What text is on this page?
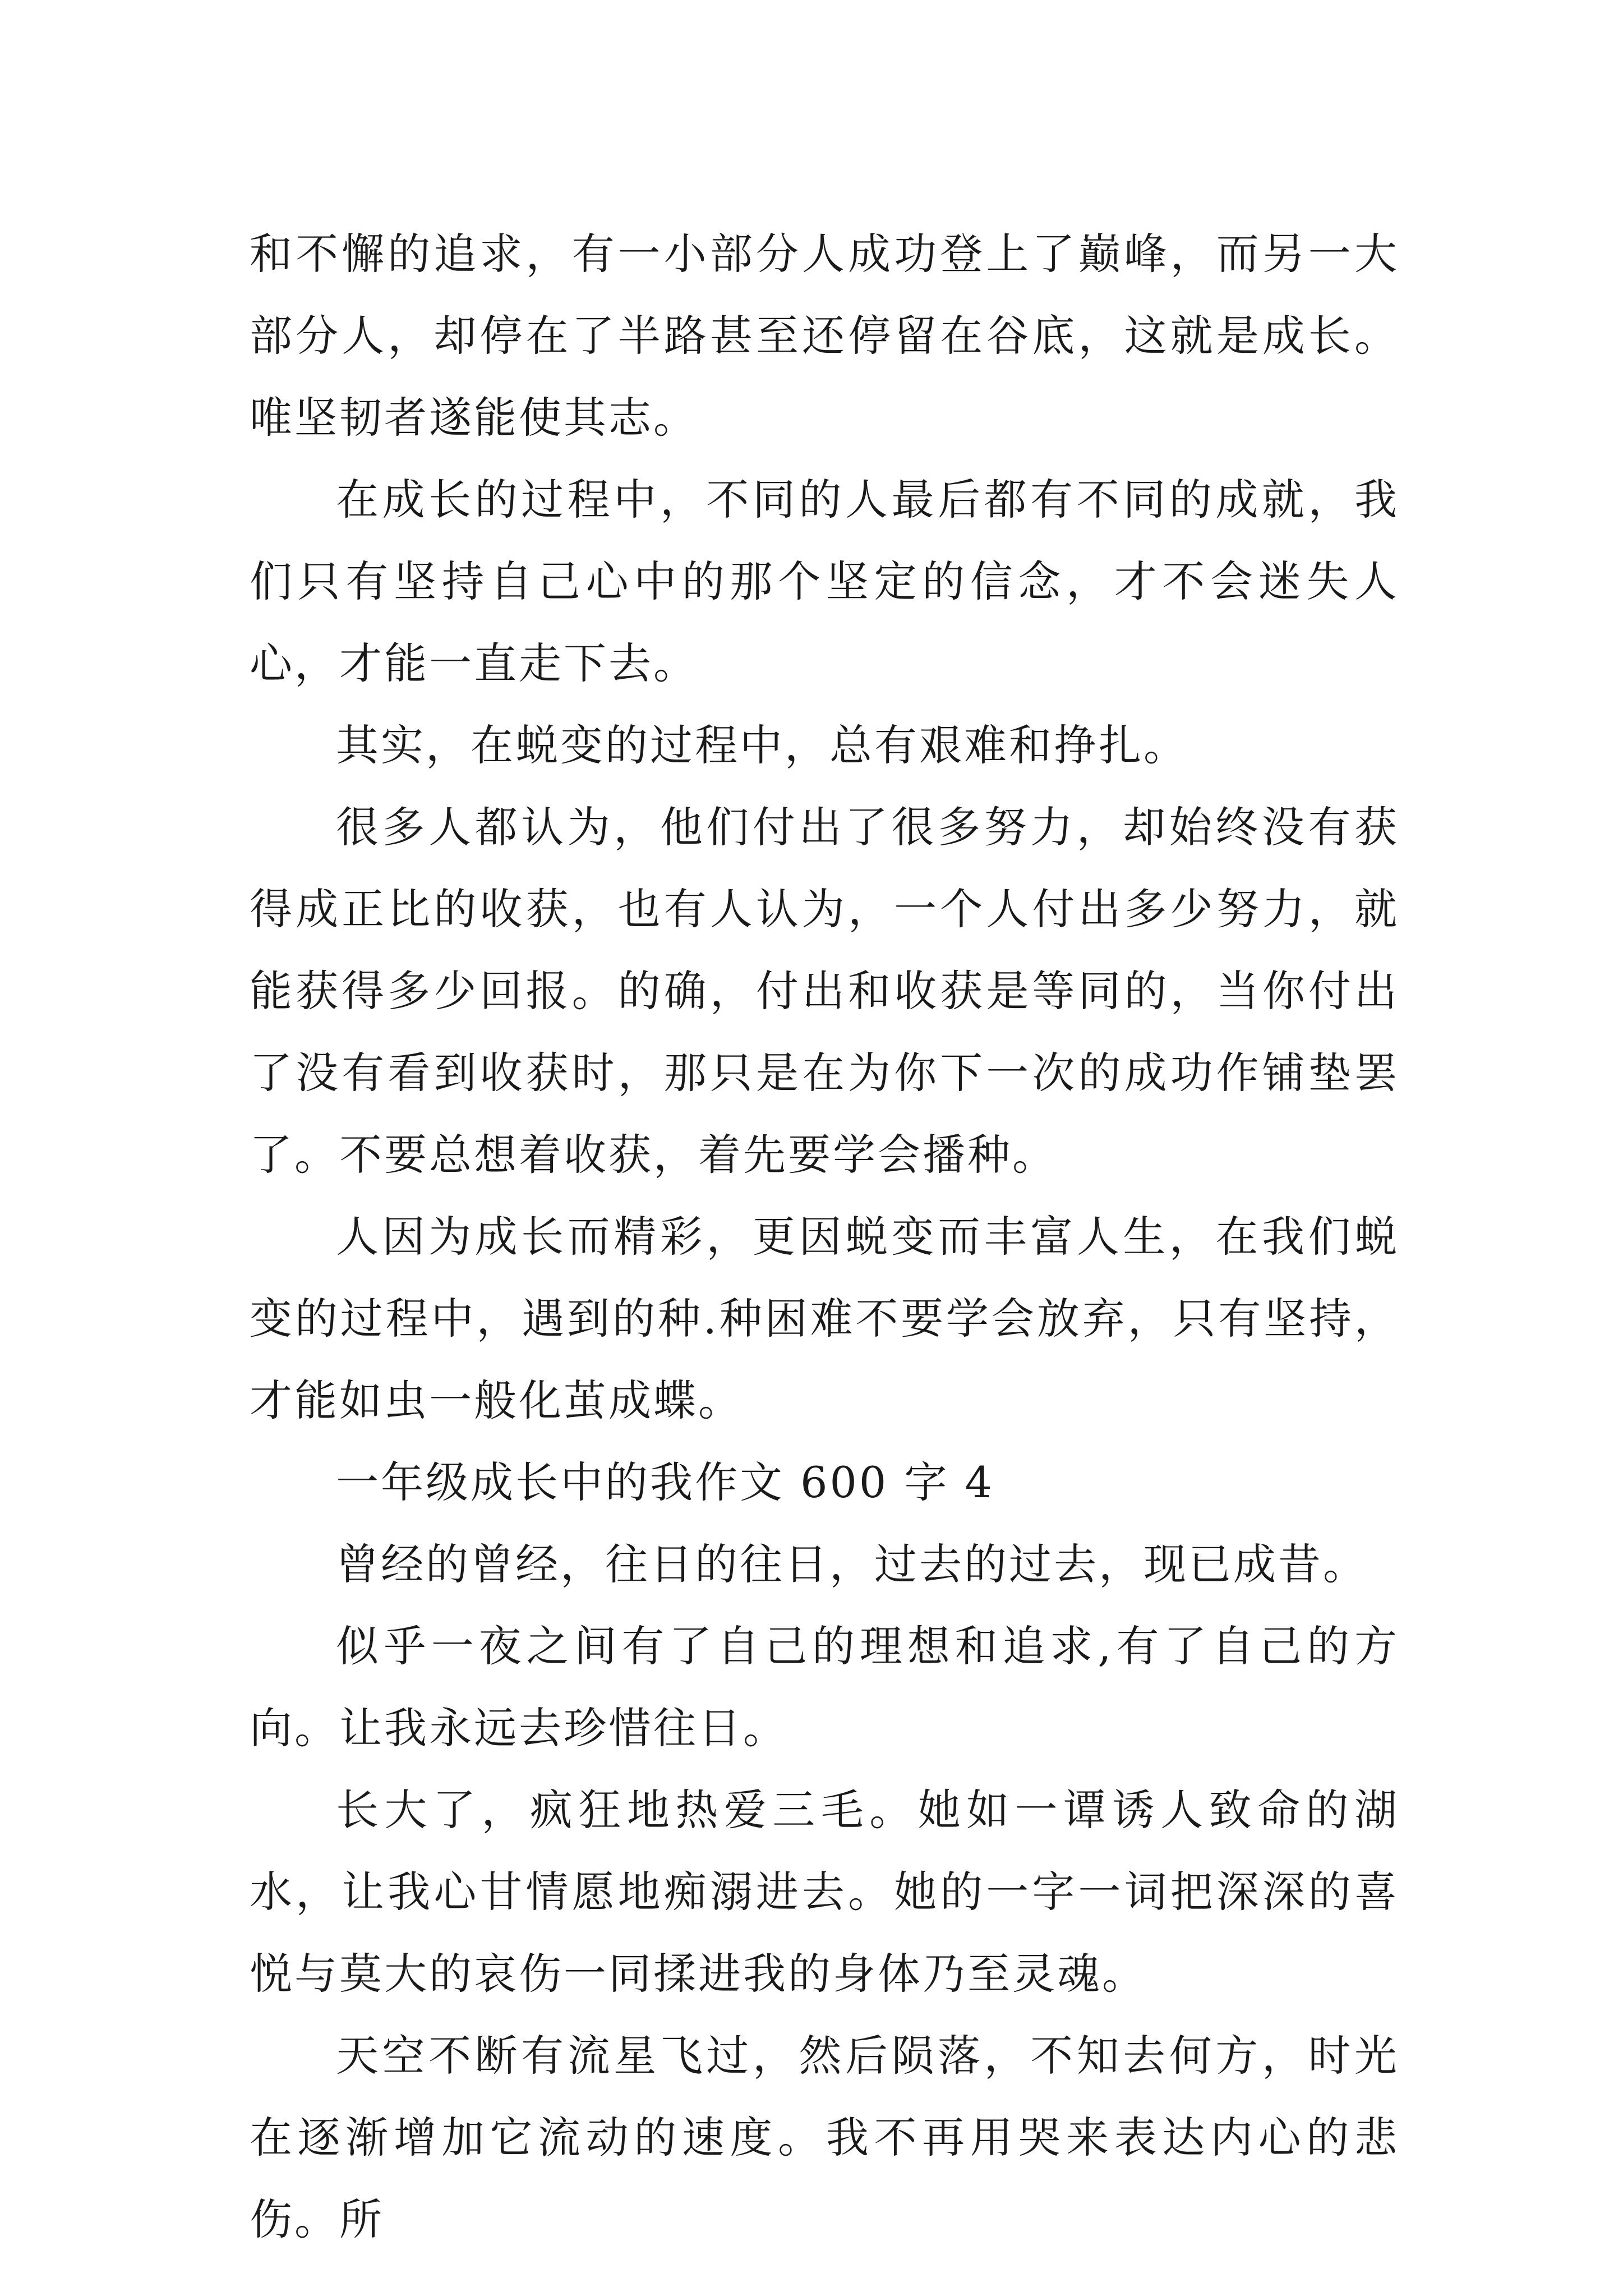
和不懈的追求，有一小部分人成功登上了巅峰，而另一大部分人，却停在了半路甚至还停留在谷底，这就是成长。唯坚韧者遂能使其志。

在成长的过程中，不同的人最后都有不同的成就，我们只有坚持自己心中的那个坚定的信念，才不会迷失人心，才能一直走下去。

其实，在蜕变的过程中，总有艰难和挣扎。

很多人都认为，他们付出了很多努力，却始终没有获得成正比的收获，也有人认为，一个人付出多少努力，就能获得多少回报。的确，付出和收获是等同的，当你付出了没有看到收获时，那只是在为你下一次的成功作铺垫罢了。不要总想着收获，着先要学会播种。

人因为成长而精彩，更因蜕变而丰富人生，在我们蜕变的过程中，遇到的种.种困难不要学会放弃，只有坚持，才能如虫一般化茧成蝶。

一年级成长中的我作文 600 字 4

曾经的曾经，往日的往日，过去的过去，现已成昔。

似乎一夜之间有了自己的理想和追求,有了自己的方向。让我永远去珍惜往日。

长大了，疯狂地热爱三毛。她如一谭诱人致命的湖水，让我心甘情愿地痴溺进去。她的一字一词把深深的喜悦与莫大的哀伤一同揉进我的身体乃至灵魂。

天空不断有流星飞过，然后陨落，不知去何方，时光在逐渐增加它流动的速度。我不再用哭来表达内心的悲伤。所
